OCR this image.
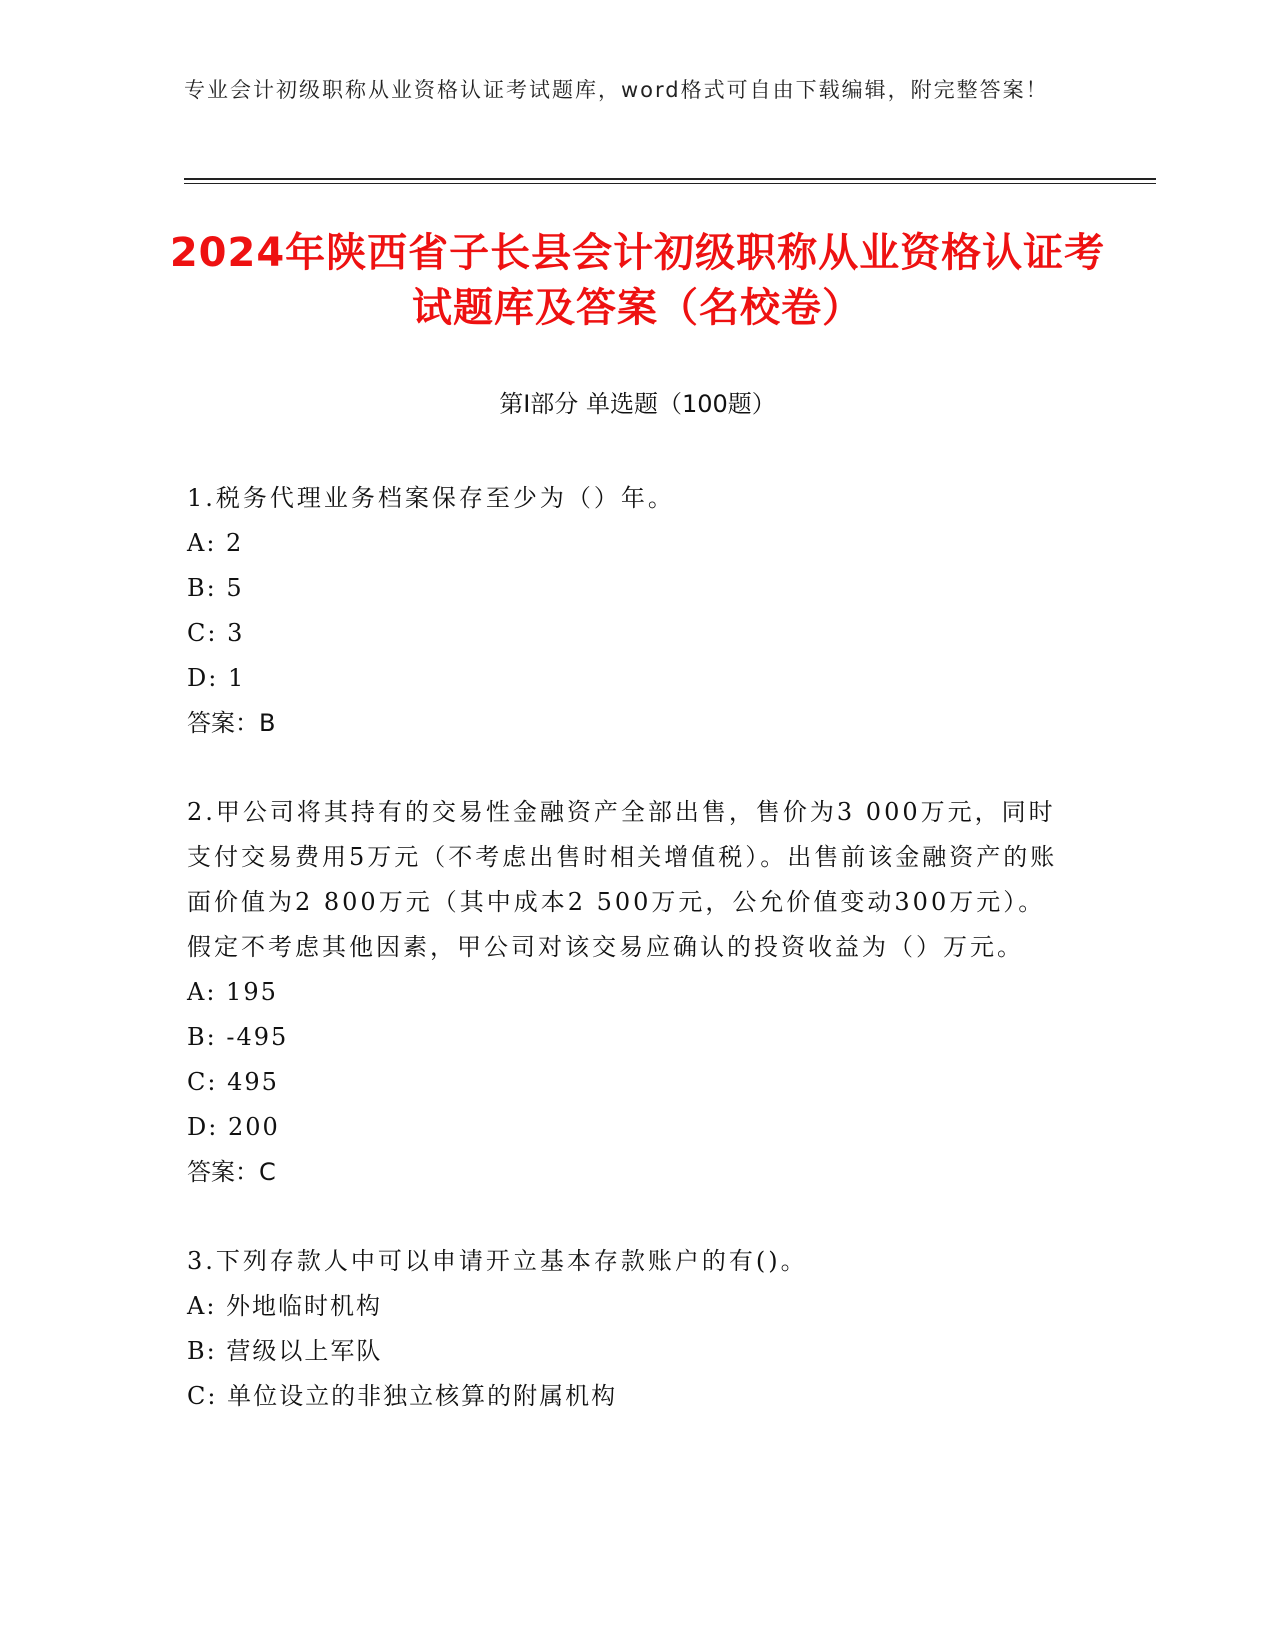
专业会计初级职称从业资格认证考试题库，word格式可自由下载编辑，附完整答案！
2024年陕西省子长县会计初级职称从业资格认证考试题库及答案（名校卷）
第Ⅰ部分 单选题（100题）
1.税务代理业务档案保存至少为（）年。
A: 2
B: 5
C: 3
D: 1
答案：B
2.甲公司将其持有的交易性金融资产全部出售，售价为3 000万元，同时支付交易费用5万元（不考虑出售时相关增值税）。出售前该金融资产的账面价值为2 800万元（其中成本2 500万元，公允价值变动300万元）。假定不考虑其他因素，甲公司对该交易应确认的投资收益为（）万元。
A: 195
B: -495
C: 495
D: 200
答案：C
3.下列存款人中可以申请开立基本存款账户的有()。
A: 外地临时机构
B: 营级以上军队
C: 单位设立的非独立核算的附属机构
